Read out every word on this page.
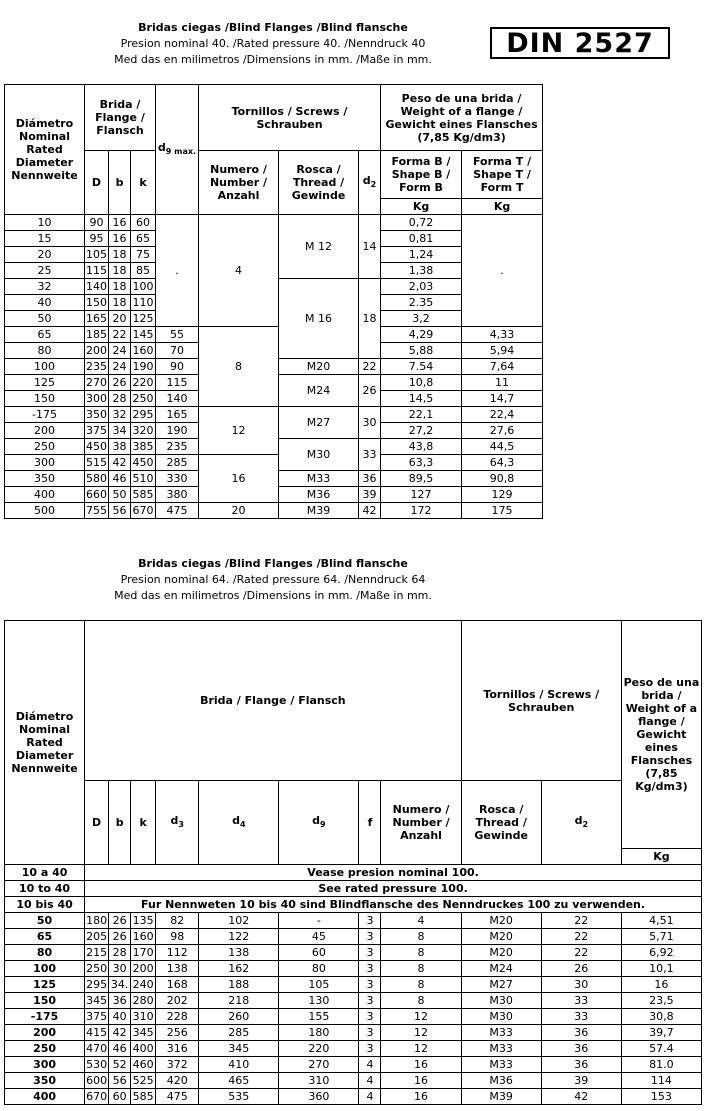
Bridas ciegas /Blind Flanges /Blind flansche
Presion nominal 40. /Rated pressure 40. /Nenndruck 40
Med das en milimetros /Dimensions in mm. /Maße in mm.
DIN 2527
Diámetro Nominal Rated Diameter Nennweite	Brida / Flange / Flansch			$d_{9 max.}$	Tornillos / Screws / Schrauben			Peso de una brida / Weight of a flange / Gewicht eines Flansches (7,85 Kg/dm3)	
	D	b	k		Numero / Number / Anzahl	Rosca / Thread / Gewinde	$d_2$	Forma B / Shape B / Form B	Forma T / Shape T / Form T
								Kg	Kg
10	90	16	60	.	4	M 12	14	0,72	.
15	95	16	65					0,81	
20	105	18	75					1,24	
25	115	18	85					1,38	
32	140	18	100			M 16	18	2,03	
40	150	18	110					2.35	
50	165	20	125					3,2	
65	185	22	145	55	8			4,29	4,33
80	200	24	160	70				5,88	5,94
100	235	24	190	90		M20	22	7.54	7,64
125	270	26	220	115		M24	26	10,8	11
150	300	28	250	140				14,5	14,7
-175	350	32	295	165	12	M27	30	22,1	22,4
200	375	34	320	190				27,2	27,6
250	450	38	385	235		M30	33	43,8	44,5
300	515	42	450	285	16			63,3	64,3
350	580	46	510	330		M33	36	89,5	90,8
400	660	50	585	380		M36	39	127	129
500	755	56	670	475	20	M39	42	172	175
Bridas ciegas /Blind Flanges /Blind flansche
Presion nominal 64. /Rated pressure 64. /Nenndruck 64
Med das en milimetros /Dimensions in mm. /Maße in mm.
Diámetro Nominal Rated Diameter Nennweite	Brida / Flange / Flansch								Tornillos / Screws / Schrauben		Peso de una brida / Weight of a flange / Gewicht eines Flansches (7,85 Kg/dm3)
	D	b	k	$d_3$	$d_4$	$d_9$	f	Numero / Number / Anzahl	Rosca / Thread / Gewinde	$d_2$
											Kg
10 a 40	Vease presion nominal 100.										
10 to 40	See rated pressure 100.										
10 bis 40	Fur Nennweten 10 bis 40 sind Blindflansche des Nenndruckes 100 zu verwenden.										
50	180	26	135	82	102	-	3	4	M20	22	4,51
65	205	26	160	98	122	45	3	8	M20	22	5,71
80	215	28	170	112	138	60	3	8	M20	22	6,92
100	250	30	200	138	162	80	3	8	M24	26	10,1
125	295	34.	240	168	188	105	3	8	M27	30	16
150	345	36	280	202	218	130	3	8	M30	33	23,5
-175	375	40	310	228	260	155	3	12	M30	33	30,8
200	415	42	345	256	285	180	3	12	M33	36	39,7
250	470	46	400	316	345	220	3	12	M33	36	57.4
300	530	52	460	372	410	270	4	16	M33	36	81.0
350	600	56	525	420	465	310	4	16	M36	39	114
400	670	60	585	475	535	360	4	16	M39	42	153
